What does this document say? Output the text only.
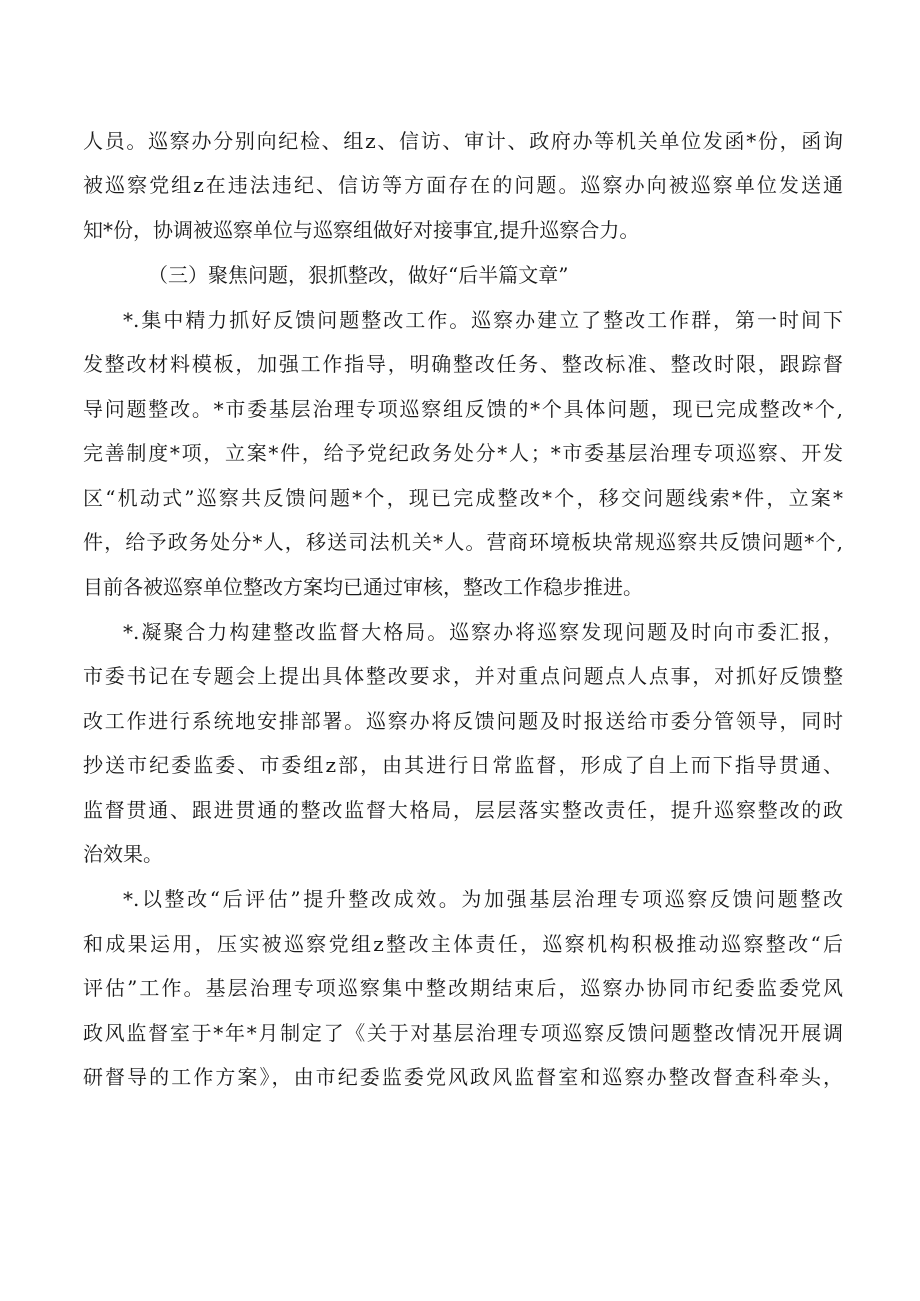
人员。巡察办分别向纪检、组z、信访、审计、政府办等机关单位发函*份，函询

被巡察党组z在违法违纪、信访等方面存在的问题。巡察办向被巡察单位发送通

知*份，协调被巡察单位与巡察组做好对接事宜,提升巡察合力。

（三）聚焦问题，狠抓整改，做好“后半篇文章”

*.集中精力抓好反馈问题整改工作。巡察办建立了整改工作群，第一时间下

发整改材料模板，加强工作指导，明确整改任务、整改标准、整改时限，跟踪督

导问题整改。*市委基层治理专项巡察组反馈的*个具体问题，现已完成整改*个,

完善制度*项，立案*件，给予党纪政务处分*人；*市委基层治理专项巡察、开发

区“机动式”巡察共反馈问题*个，现已完成整改*个，移交问题线索*件，立案*

件，给予政务处分*人，移送司法机关*人。营商环境板块常规巡察共反馈问题*个,

目前各被巡察单位整改方案均已通过审核，整改工作稳步推进。

*.凝聚合力构建整改监督大格局。巡察办将巡察发现问题及时向市委汇报，

市委书记在专题会上提出具体整改要求，并对重点问题点人点事，对抓好反馈整

改工作进行系统地安排部署。巡察办将反馈问题及时报送给市委分管领导，同时

抄送市纪委监委、市委组z部，由其进行日常监督，形成了自上而下指导贯通、

监督贯通、跟进贯通的整改监督大格局，层层落实整改责任，提升巡察整改的政

治效果。

*.以整改“后评估”提升整改成效。为加强基层治理专项巡察反馈问题整改

和成果运用，压实被巡察党组z整改主体责任，巡察机构积极推动巡察整改“后

评估”工作。基层治理专项巡察集中整改期结束后，巡察办协同市纪委监委党风

政风监督室于*年*月制定了《关于对基层治理专项巡察反馈问题整改情况开展调

研督导的工作方案》，由市纪委监委党风政风监督室和巡察办整改督查科牵头，
